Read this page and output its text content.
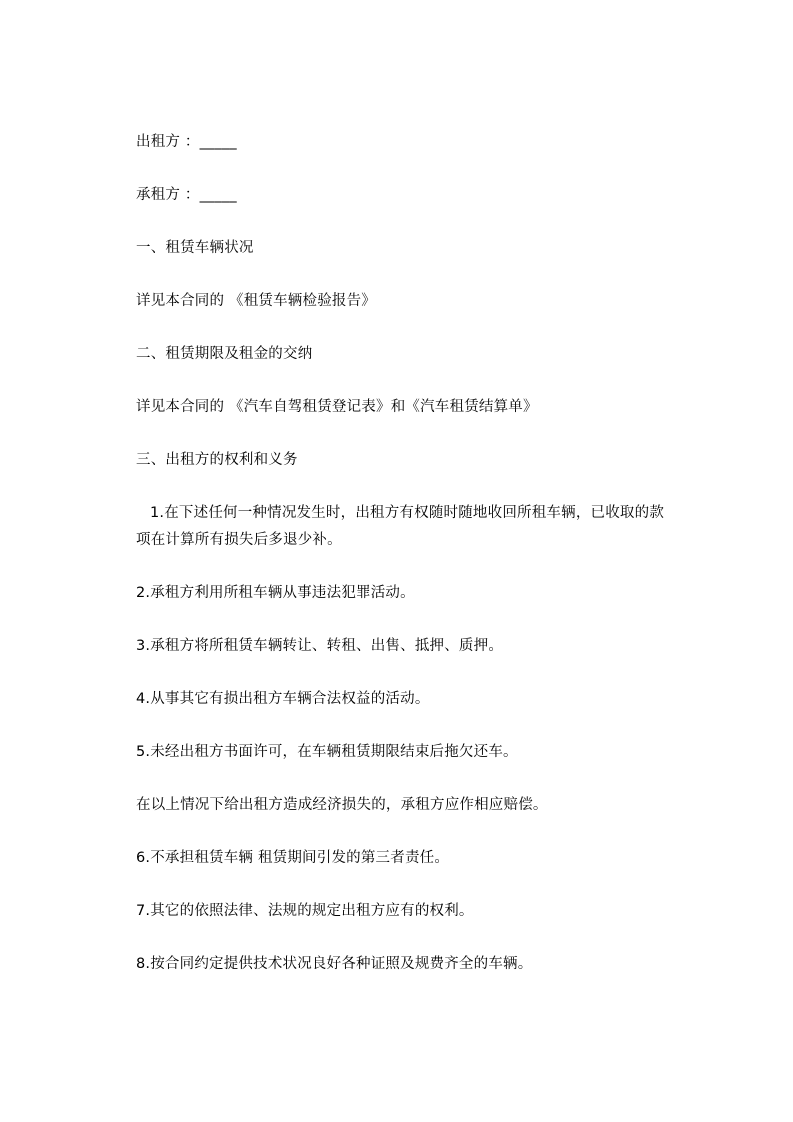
出租方 ：_____
承租方 ：_____
一、租赁车辆状况
详见本合同的 《租赁车辆检验报告》
二、租赁期限及租金的交纳
详见本合同的 《汽车自驾租赁登记表》和《汽车租赁结算单》
三、出租方的权利和义务
1.在下述任何一种情况发生时，出租方有权随时随地收回所租车辆，已收取的款
项在计算所有损失后多退少补。
2.承租方利用所租车辆从事违法犯罪活动。
3.承租方将所租赁车辆转让、转租、出售、抵押、质押。
4.从事其它有损出租方车辆合法权益的活动。
5.未经出租方书面许可，在车辆租赁期限结束后拖欠还车。
在以上情况下给出租方造成经济损失的，承租方应作相应赔偿。
6.不承担租赁车辆 租赁期间引发的第三者责任。
7.其它的依照法律、法规的规定出租方应有的权利。
8.按合同约定提供技术状况良好各种证照及规费齐全的车辆。
